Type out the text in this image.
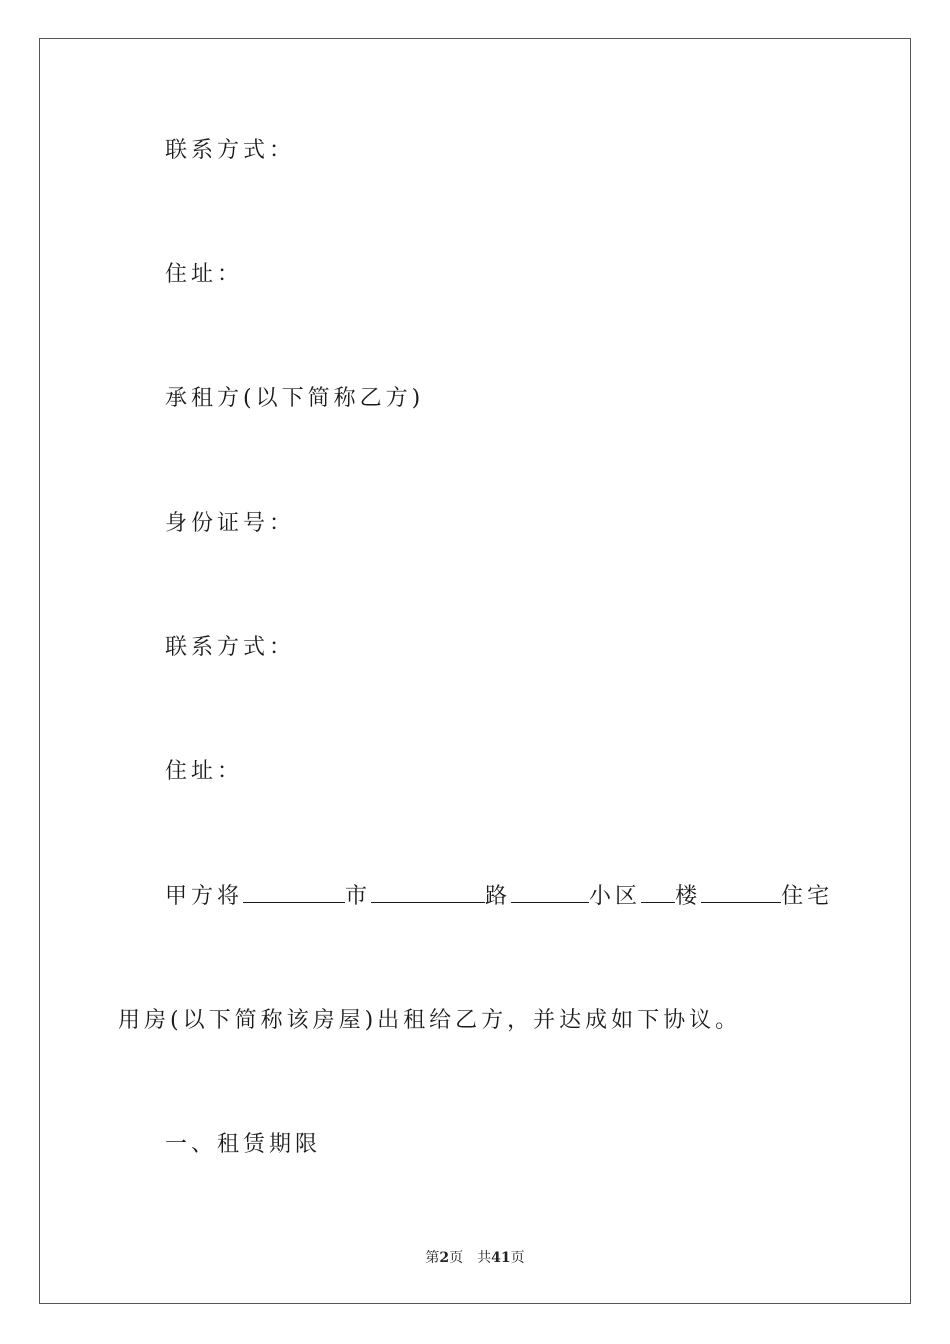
联系方式：
住址：
承租方(以下简称乙方)
身份证号：
联系方式：
住址：
甲方将	市	路	小区 楼	住宅
用房(以下简称该房屋)出租给乙方，并达成如下协议。
一、租赁期限
第2页 共41页
